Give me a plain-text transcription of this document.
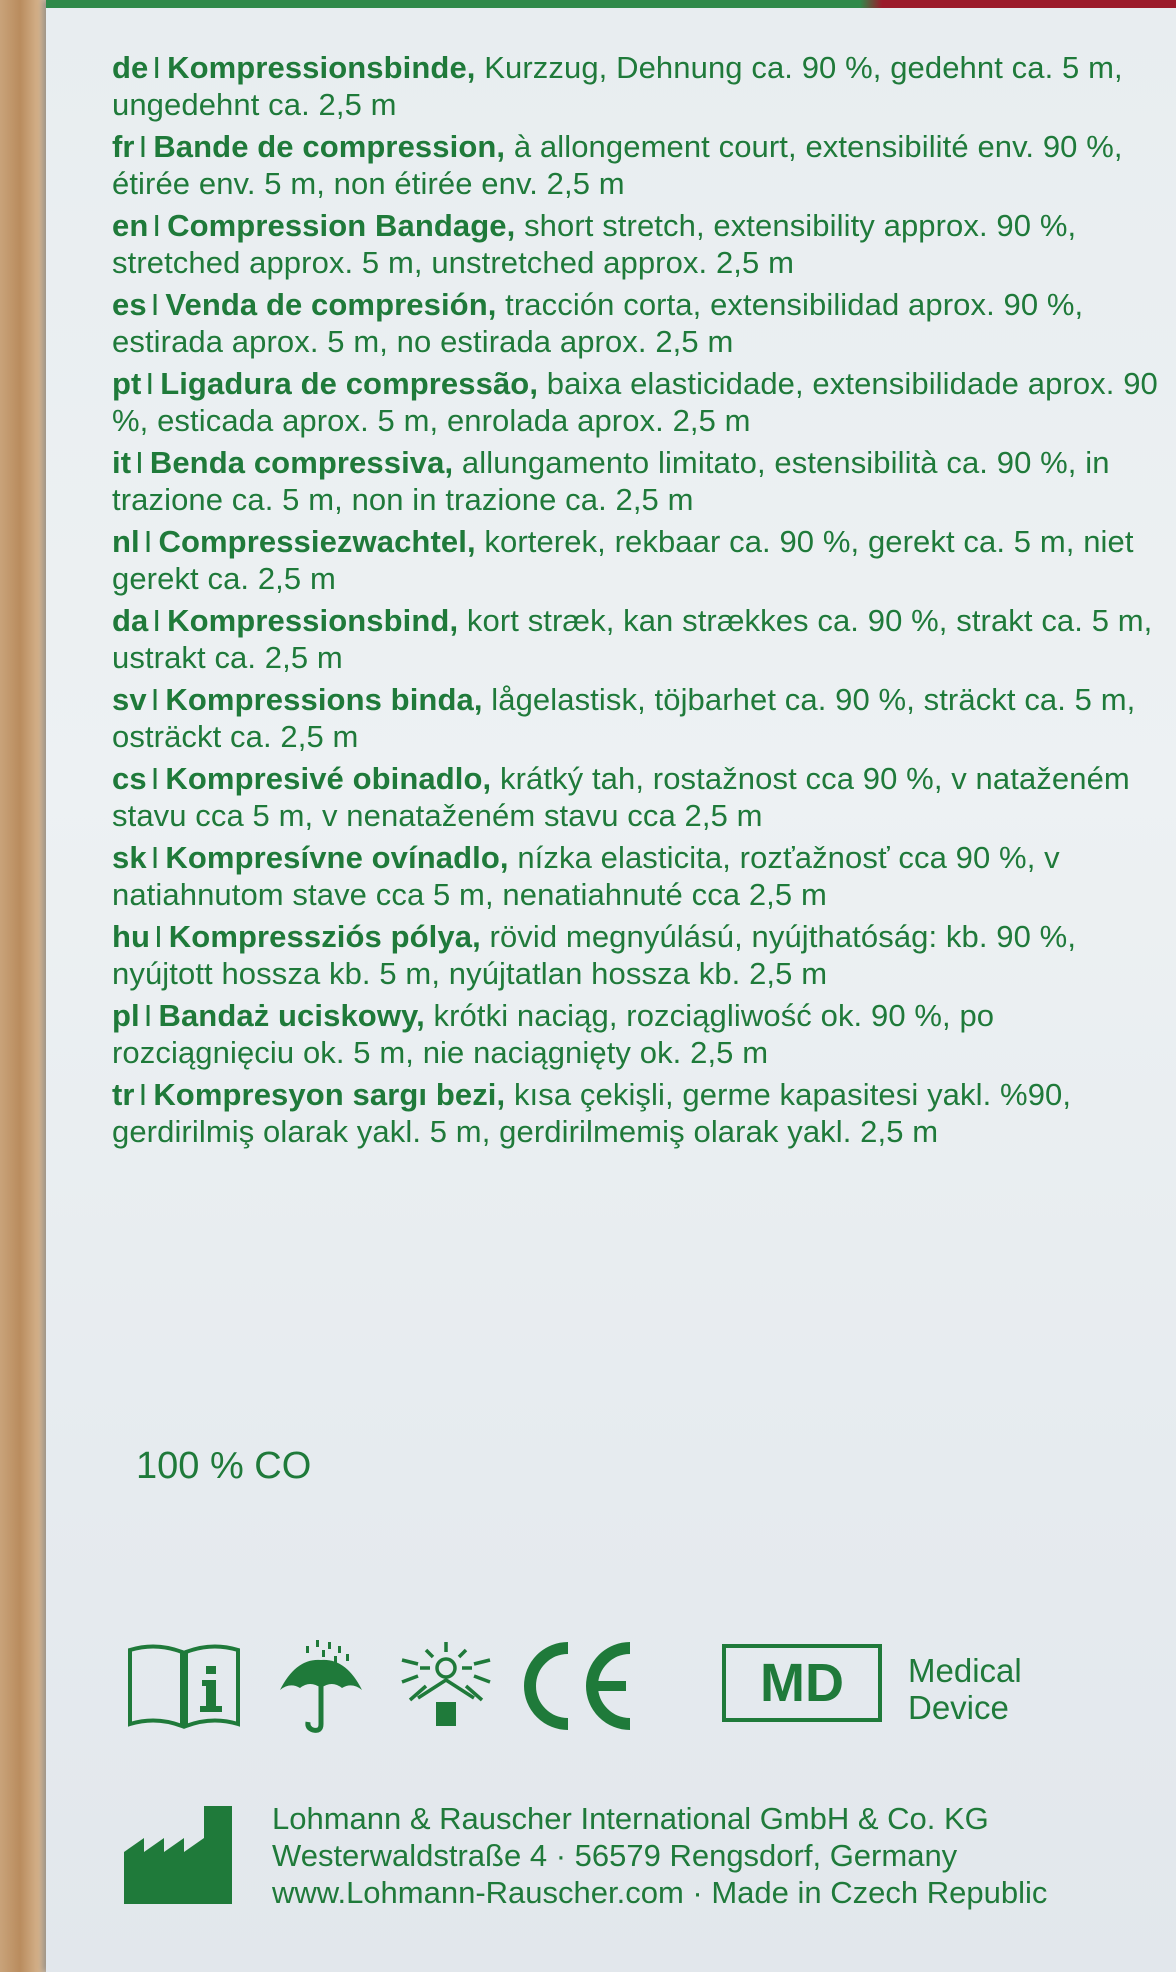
de I Kompressionsbinde, Kurzzug, Dehnung ca. 90 %, gedehnt ca. 5 m, ungedehnt ca. 2,5 m
fr I Bande de compression, à allongement court, extensibilité env. 90 %, étirée env. 5 m, non étirée env. 2,5 m
en I Compression Bandage, short stretch, extensibility approx. 90 %, stretched approx. 5 m, unstretched approx. 2,5 m
es I Venda de compresión, tracción corta, extensibilidad aprox. 90 %, estirada aprox. 5 m, no estirada aprox. 2,5 m
pt I Ligadura de compressão, baixa elasticidade, extensibilidade aprox. 90 %, esticada aprox. 5 m, enrolada aprox. 2,5 m
it I Benda compressiva, allungamento limitato, estensibilità ca. 90 %, in trazione ca. 5 m, non in trazione ca. 2,5 m
nl I Compressiezwachtel, korterek, rekbaar ca. 90 %, gerekt ca. 5 m, niet gerekt ca. 2,5 m
da I Kompressionsbind, kort stræk, kan strækkes ca. 90 %, strakt ca. 5 m, ustrakt ca. 2,5 m
sv I Kompressions binda, lågelastisk, töjbarhet ca. 90 %, sträckt ca. 5 m, osträckt ca. 2,5 m
cs I Kompresivé obinadlo, krátký tah, rostažnost cca 90 %, v nataženém stavu cca 5 m, v nenataženém stavu cca 2,5 m
sk I Kompresívne ovínadlo, nízka elasticita, rozťažnosť cca 90 %, v natiahnutom stave cca 5 m, nenatiahnuté cca 2,5 m
hu I Kompressziós pólya, rövid megnyúlású, nyújthatóság: kb. 90 %, nyújtott hossza kb. 5 m, nyújtatlan hossza kb. 2,5 m
pl I Bandaż uciskowy, krótki naciąg, rozciągliwość ok. 90 %, po rozciągnięciu ok. 5 m, nie naciągnięty ok. 2,5 m
tr I Kompresyon sargı bezi, kısa çekişli, germe kapasitesi yakl. %90, gerdirilmiş olarak yakl. 5 m, gerdirilmemiş olarak yakl. 2,5 m
100 % CO
MD	Medical
Device
Lohmann & Rauscher International GmbH & Co. KG
Westerwaldstraße 4 · 56579 Rengsdorf, Germany
www.Lohmann-Rauscher.com · Made in Czech Republic
